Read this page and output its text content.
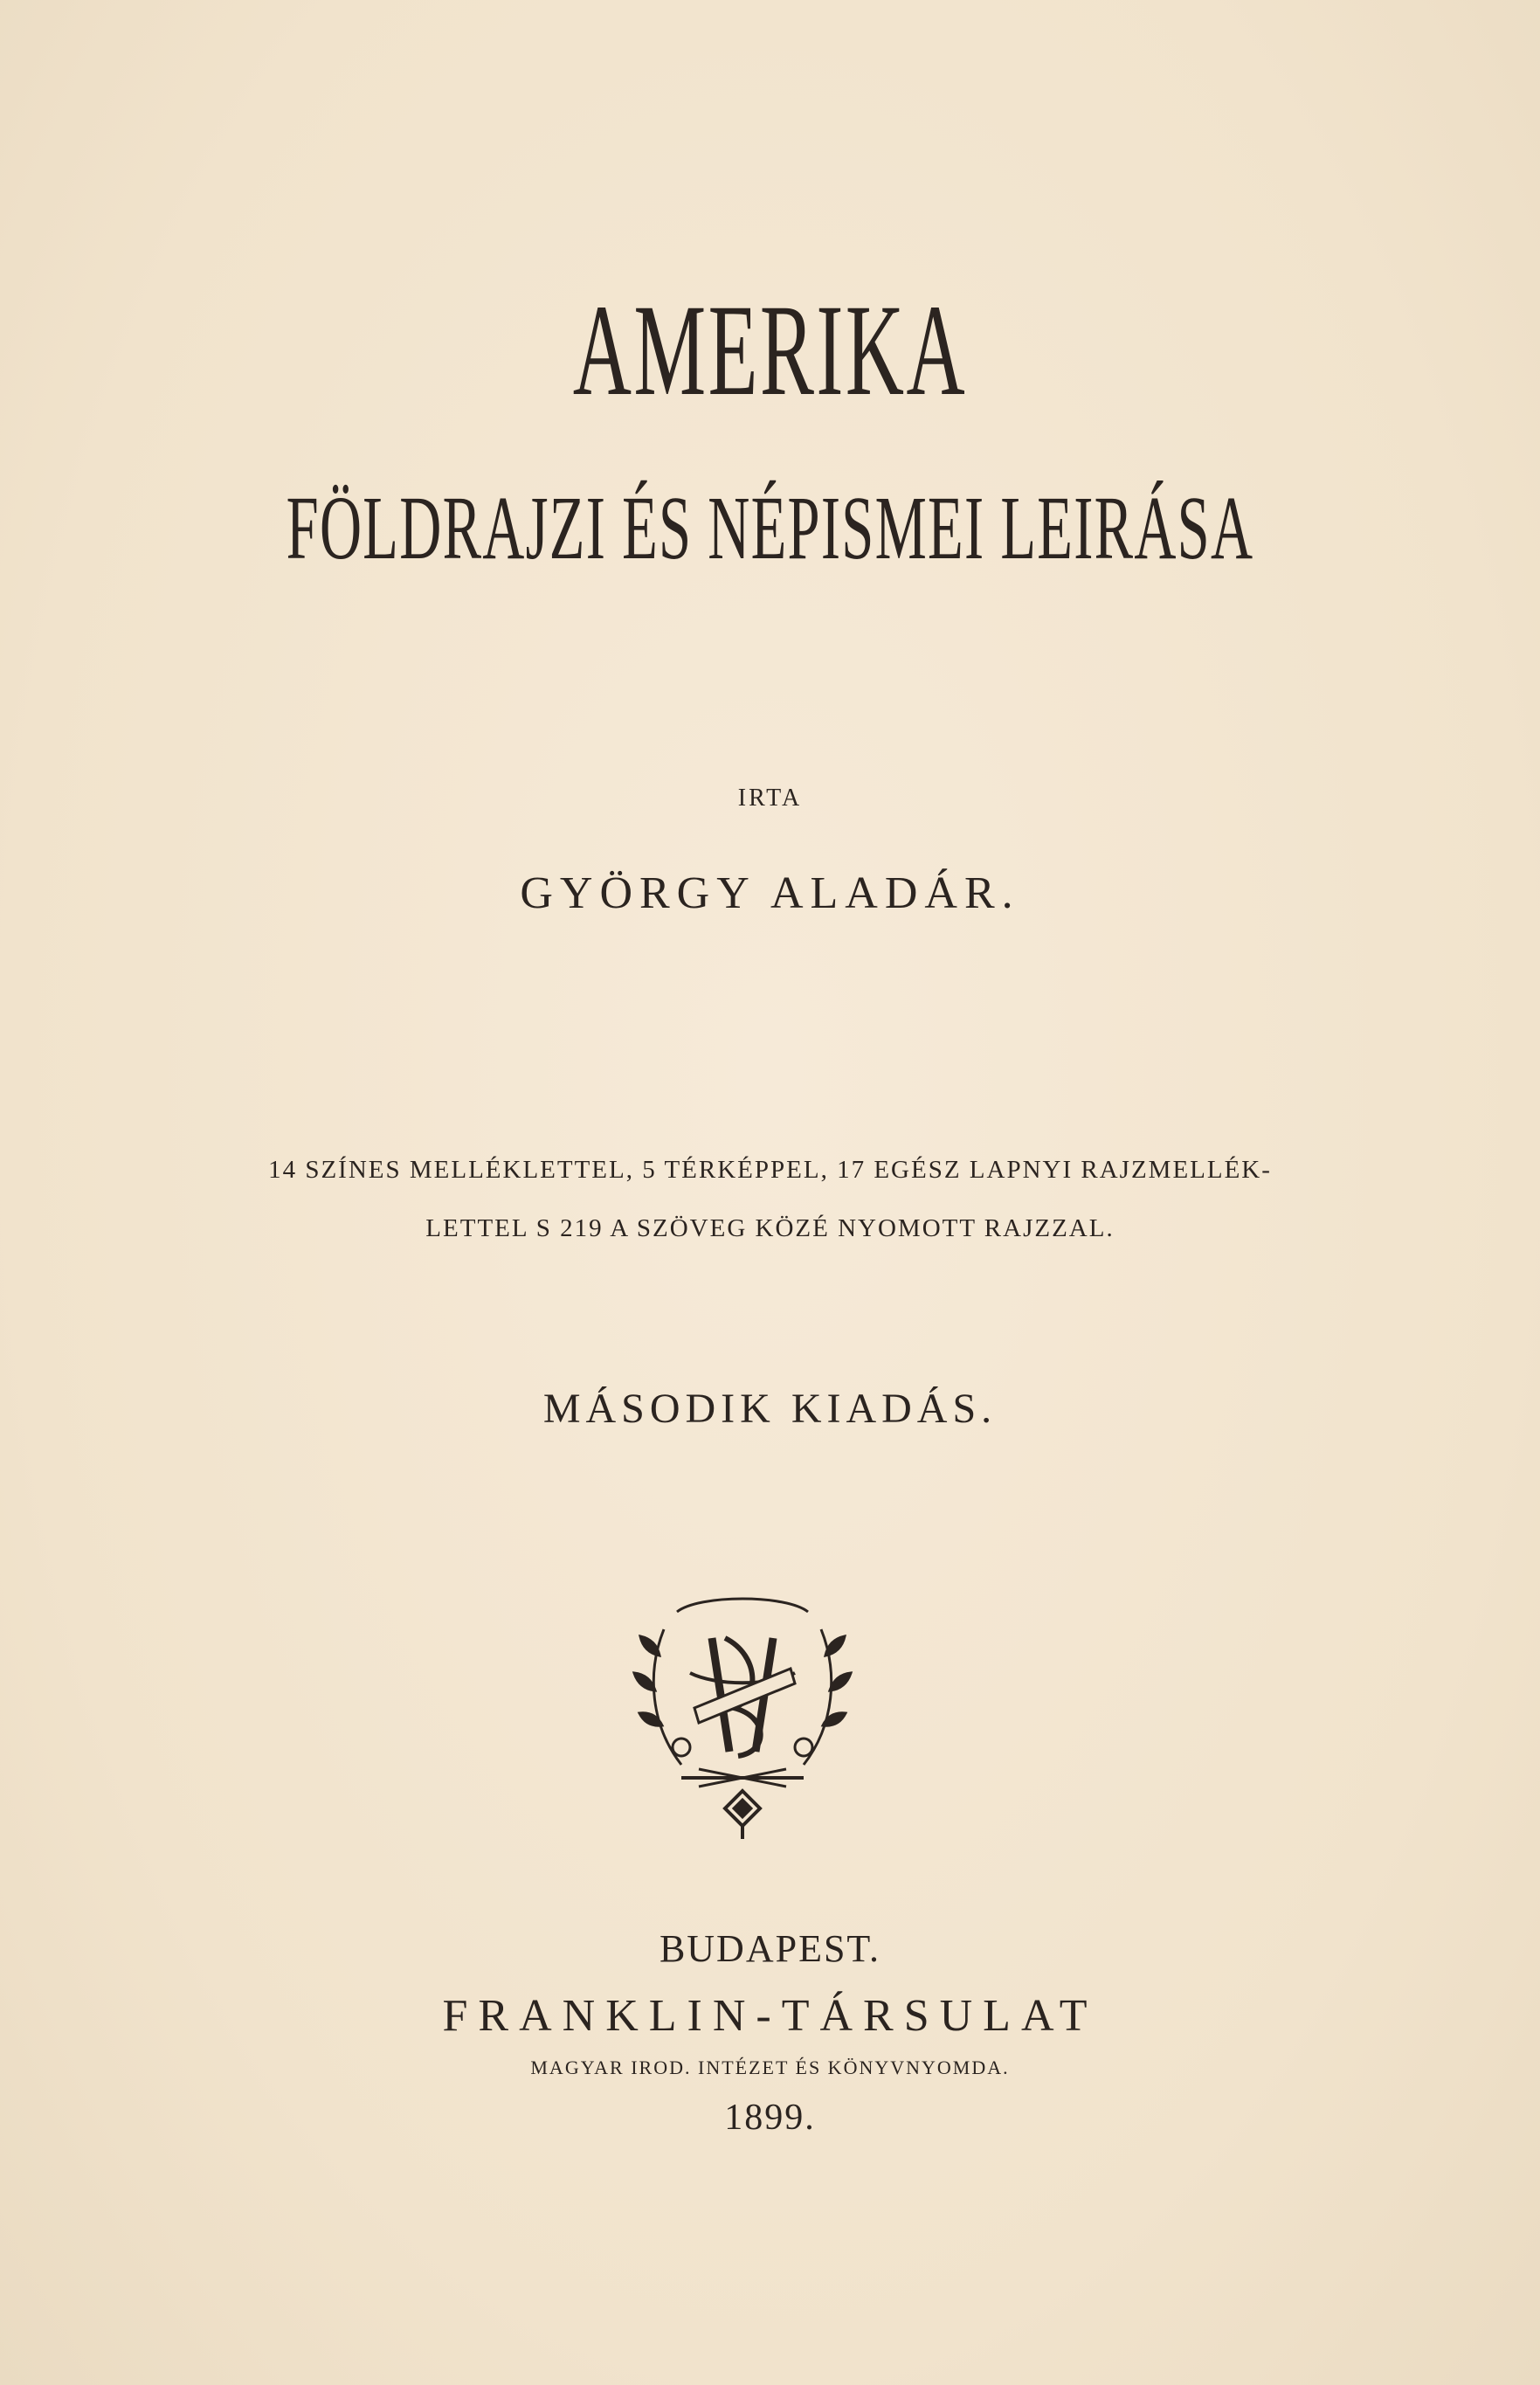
AMERIKA
FÖLDRAJZI ÉS NÉPISMEI LEIRÁSA
IRTA
GYÖRGY ALADÁR.
14 SZÍNES MELLÉKLETTEL, 5 TÉRKÉPPEL, 17 EGÉSZ LAPNYI RAJZMELLÉK-
LETTEL S 219 A SZÖVEG KÖZÉ NYOMOTT RAJZZAL.
MÁSODIK KIADÁS.
BUDAPEST.
FRANKLIN-TÁRSULAT
MAGYAR IROD. INTÉZET ÉS KÖNYVNYOMDA.
1899.
